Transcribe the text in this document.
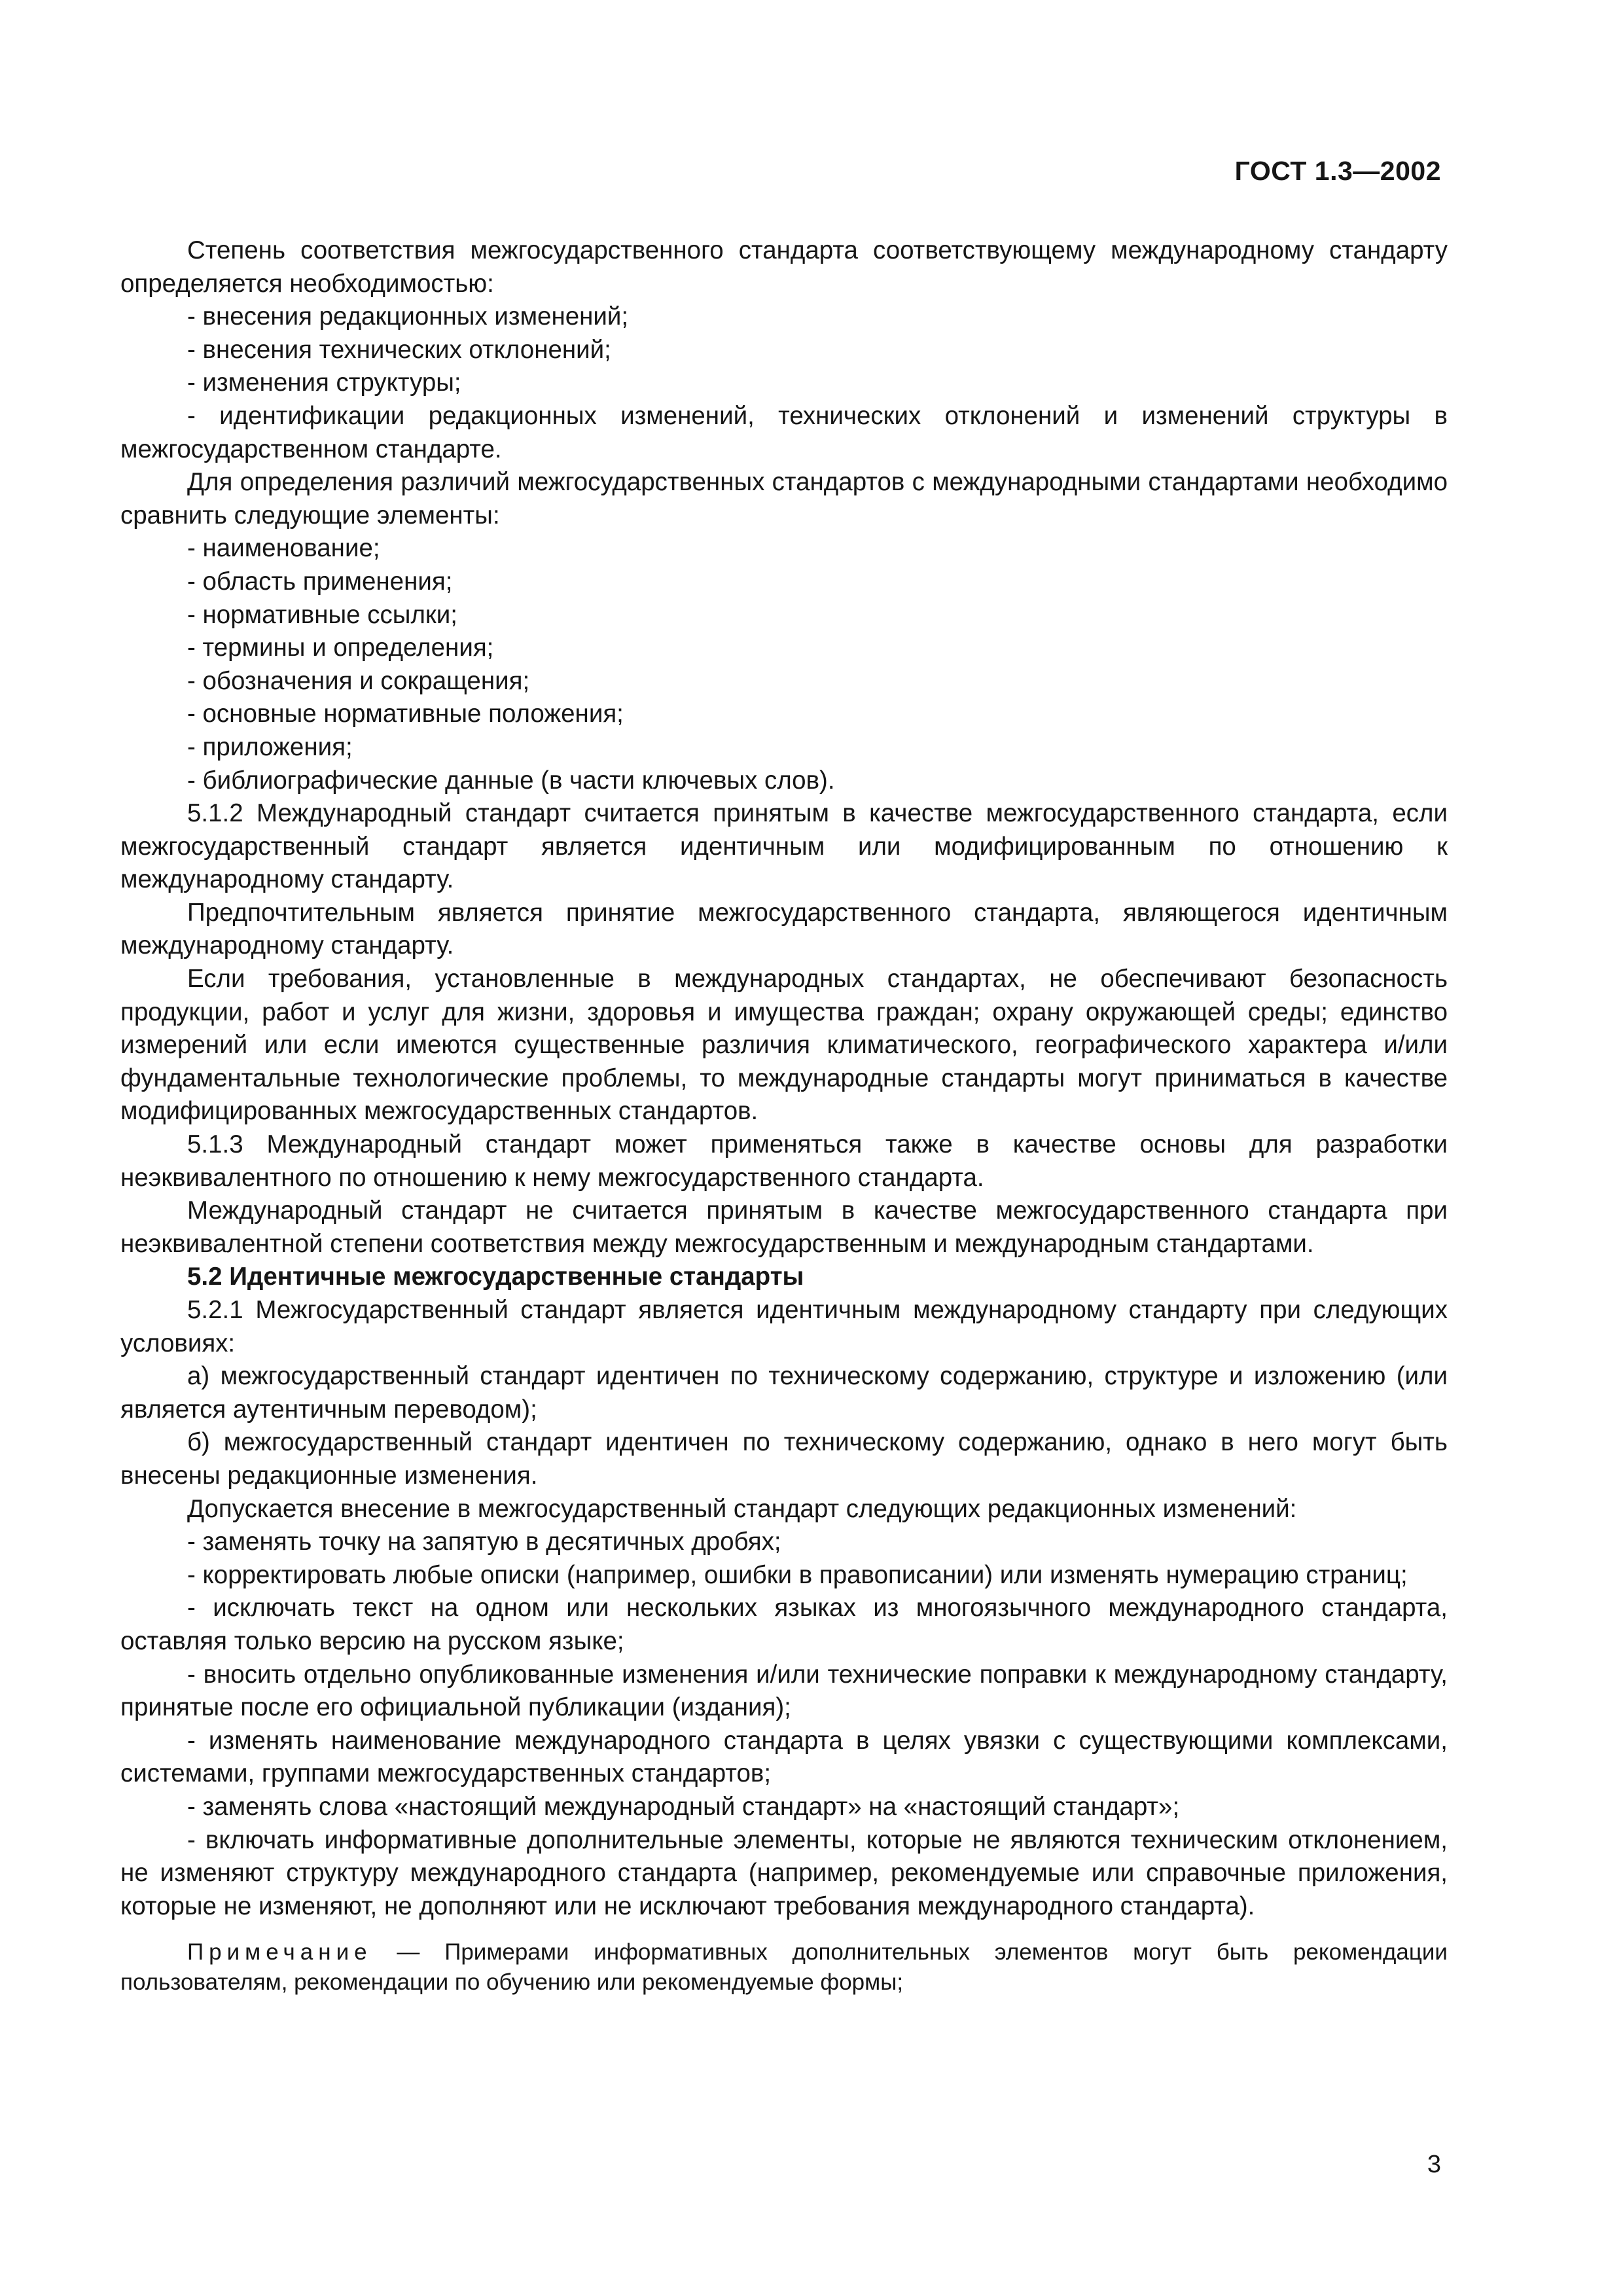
ГОСТ 1.3—2002

Степень соответствия межгосударственного стандарта соответствующему международному стандарту определяется необходимостью:

- внесения редакционных изменений;
- внесения технических отклонений;
- изменения структуры;
- идентификации редакционных изменений, технических отклонений и изменений структуры в межгосударственном стандарте.

Для определения различий межгосударственных стандартов с международными стандартами необходимо сравнить следующие элементы:

- наименование;
- область применения;
- нормативные ссылки;
- термины и определения;
- обозначения и сокращения;
- основные нормативные положения;
- приложения;
- библиографические данные (в части ключевых слов).

5.1.2 Международный стандарт считается принятым в качестве межгосударственного стандарта, если межгосударственный стандарт является идентичным или модифицированным по отношению к международному стандарту.

Предпочтительным является принятие межгосударственного стандарта, являющегося идентичным международному стандарту.

Если требования, установленные в международных стандартах, не обеспечивают безопасность продукции, работ и услуг для жизни, здоровья и имущества граждан; охрану окружающей среды; единство измерений или если имеются существенные различия климатического, географического характера и/или фундаментальные технологические проблемы, то международные стандарты могут приниматься в качестве модифицированных межгосударственных стандартов.

5.1.3 Международный стандарт может применяться также в качестве основы для разработки неэквивалентного по отношению к нему межгосударственного стандарта.

Международный стандарт не считается принятым в качестве межгосударственного стандарта при неэквивалентной степени соответствия между межгосударственным и международным стандартами.

5.2 Идентичные межгосударственные стандарты

5.2.1 Межгосударственный стандарт является идентичным международному стандарту при следующих условиях:

а) межгосударственный стандарт идентичен по техническому содержанию, структуре и изложению (или является аутентичным переводом);

б) межгосударственный стандарт идентичен по техническому содержанию, однако в него могут быть внесены редакционные изменения.

Допускается внесение в межгосударственный стандарт следующих редакционных изменений:

- заменять точку на запятую в десятичных дробях;
- корректировать любые описки (например, ошибки в правописании) или изменять нумерацию страниц;
- исключать текст на одном или нескольких языках из многоязычного международного стандарта, оставляя только версию на русском языке;
- вносить отдельно опубликованные изменения и/или технические поправки к международному стандарту, принятые после его официальной публикации (издания);
- изменять наименование международного стандарта в целях увязки с существующими комплексами, системами, группами межгосударственных стандартов;
- заменять слова «настоящий международный стандарт» на «настоящий стандарт»;
- включать информативные дополнительные элементы, которые не являются техническим отклонением, не изменяют структуру международного стандарта (например, рекомендуемые или справочные приложения, которые не изменяют, не дополняют или не исключают требования международного стандарта).

Примечание — Примерами информативных дополнительных элементов могут быть рекомендации пользователям, рекомендации по обучению или рекомендуемые формы;

3
